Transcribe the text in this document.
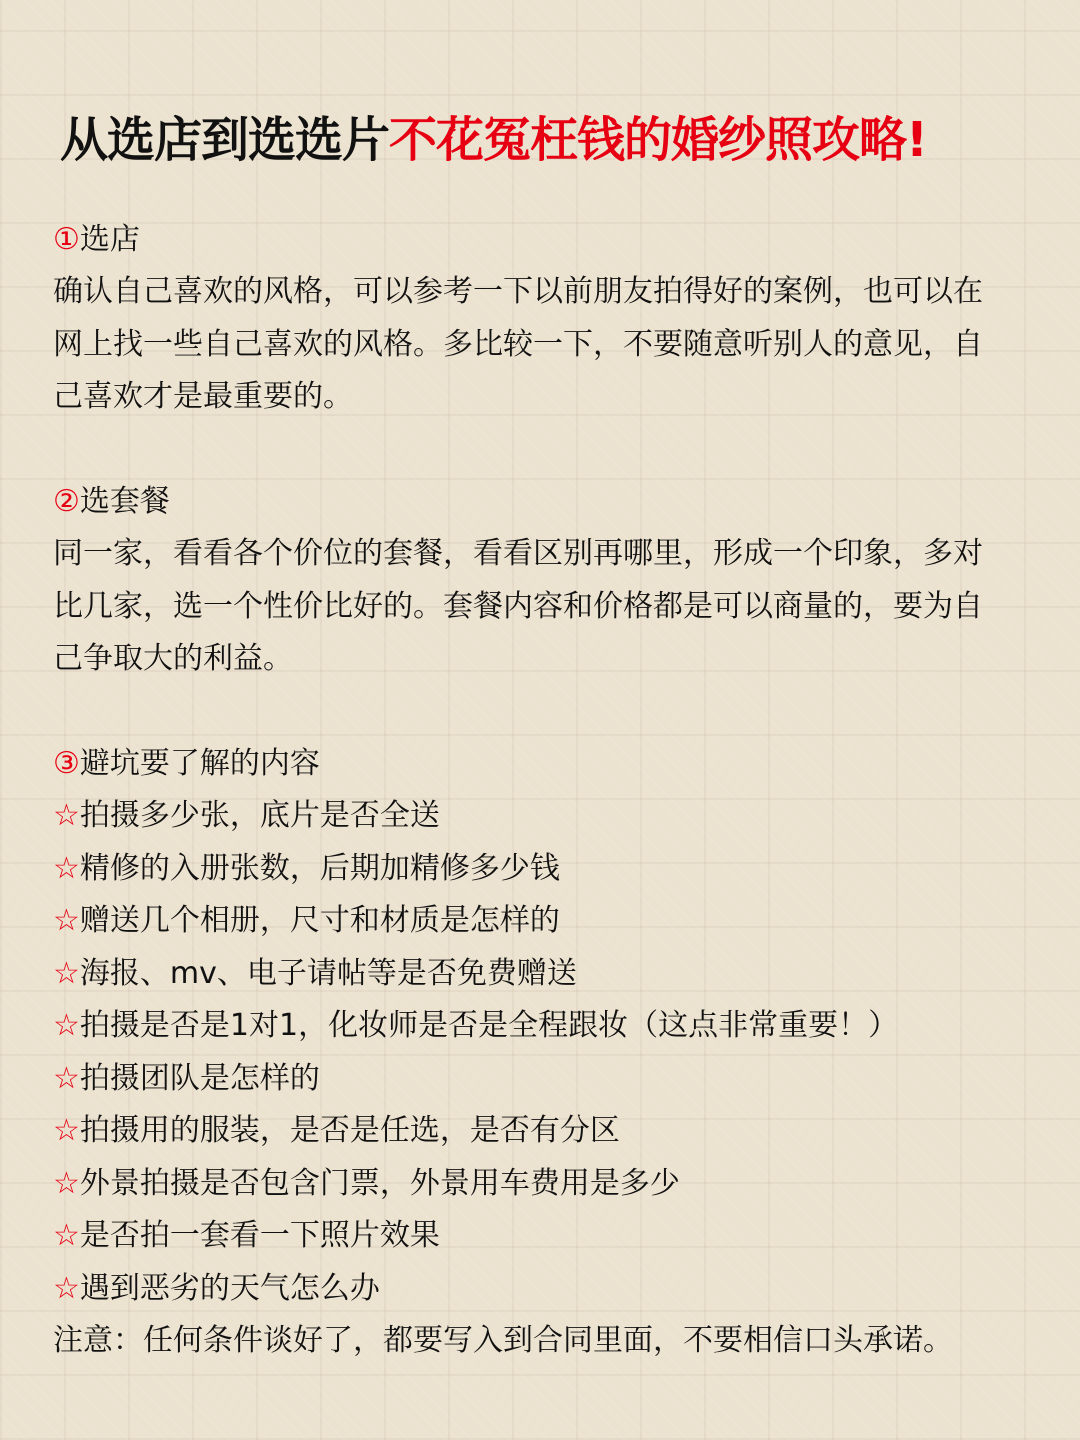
从选店到选选片不花冤枉钱的婚纱照攻略!
①选店
确认自己喜欢的风格，可以参考一下以前朋友拍得好的案例，也可以在
网上找一些自己喜欢的风格。多比较一下，不要随意听别人的意见，自
己喜欢才是最重要的。
②选套餐
同一家，看看各个价位的套餐，看看区别再哪里，形成一个印象，多对
比几家，选一个性价比好的。套餐内容和价格都是可以商量的，要为自
己争取大的利益。
③避坑要了解的内容
☆拍摄多少张，底片是否全送
☆精修的入册张数，后期加精修多少钱
☆赠送几个相册，尺寸和材质是怎样的
☆海报、mv、电子请帖等是否免费赠送
☆拍摄是否是1对1，化妆师是否是全程跟妆（这点非常重要！）
☆拍摄团队是怎样的
☆拍摄用的服装，是否是任选，是否有分区
☆外景拍摄是否包含门票，外景用车费用是多少
☆是否拍一套看一下照片效果
☆遇到恶劣的天气怎么办
注意：任何条件谈好了，都要写入到合同里面，不要相信口头承诺。
